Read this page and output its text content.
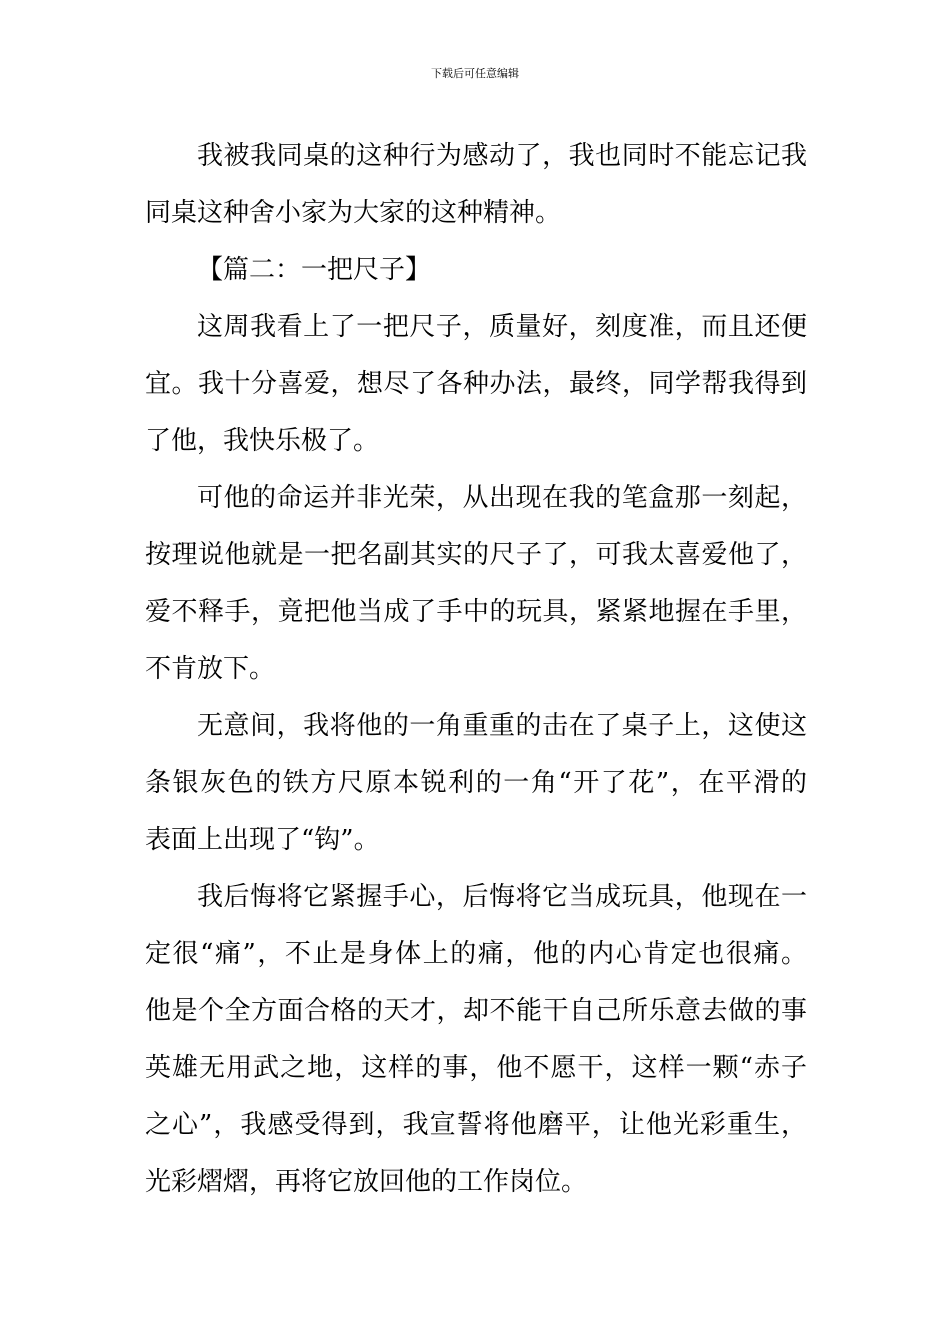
下载后可任意编辑
我被我同桌的这种行为感动了，我也同时不能忘记我
同桌这种舍小家为大家的这种精神。
【篇二：一把尺子】
这周我看上了一把尺子，质量好，刻度准，而且还便
宜。我十分喜爱，想尽了各种办法，最终，同学帮我得到
了他，我快乐极了。
可他的命运并非光荣，从出现在我的笔盒那一刻起，
按理说他就是一把名副其实的尺子了，可我太喜爱他了，
爱不释手，竟把他当成了手中的玩具，紧紧地握在手里，
不肯放下。
无意间，我将他的一角重重的击在了桌子上，这使这
条银灰色的铁方尺原本锐利的一角“开了花”，在平滑的
表面上出现了“钩”。
我后悔将它紧握手心，后悔将它当成玩具，他现在一
定很“痛”，不止是身体上的痛，他的内心肯定也很痛。
他是个全方面合格的天才，却不能干自己所乐意去做的事
英雄无用武之地，这样的事，他不愿干，这样一颗“赤子
之心”，我感受得到，我宣誓将他磨平，让他光彩重生，
光彩熠熠，再将它放回他的工作岗位。
